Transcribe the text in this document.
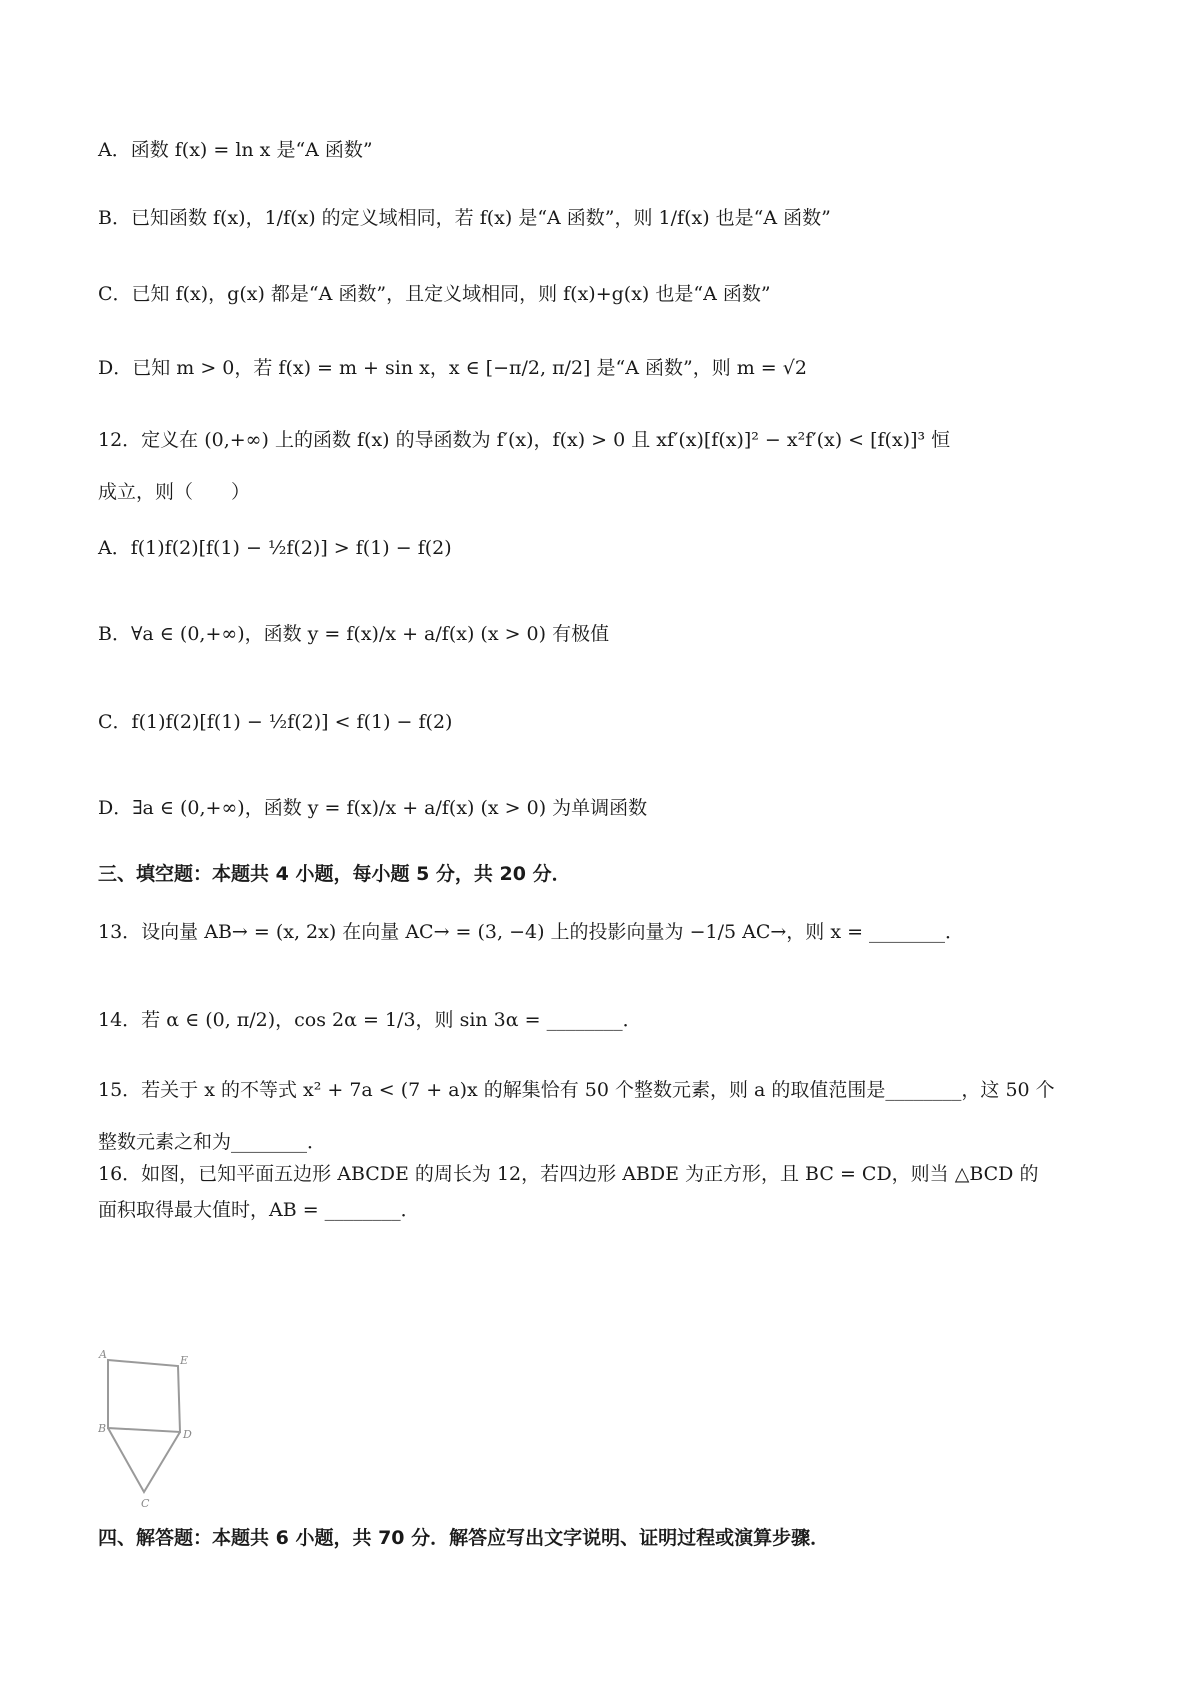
A．函数 f(x) = ln x 是“A 函数”
B．已知函数 f(x)，1/f(x) 的定义域相同，若 f(x) 是“A 函数”，则 1/f(x) 也是“A 函数”
C．已知 f(x)，g(x) 都是“A 函数”，且定义域相同，则 f(x)+g(x) 也是“A 函数”
D．已知 m > 0，若 f(x) = m + sin x，x ∈ [−π/2, π/2] 是“A 函数”，则 m = √2
12．定义在 (0,+∞) 上的函数 f(x) 的导函数为 f′(x)，f(x) > 0 且 xf′(x)[f(x)]² − x²f′(x) < [f(x)]³ 恒
成立，则（　　）
A．f(1)f(2)[f(1) − ½f(2)] > f(1) − f(2)
B．∀a ∈ (0,+∞)，函数 y = f(x)/x + a/f(x) (x > 0) 有极值
C．f(1)f(2)[f(1) − ½f(2)] < f(1) − f(2)
D．∃a ∈ (0,+∞)，函数 y = f(x)/x + a/f(x) (x > 0) 为单调函数
三、填空题：本题共 4 小题，每小题 5 分，共 20 分．
13．设向量 AB→ = (x, 2x) 在向量 AC→ = (3, −4) 上的投影向量为 −1/5 AC→，则 x = ________．
14．若 α ∈ (0, π/2)，cos 2α = 1/3，则 sin 3α = ________．
15．若关于 x 的不等式 x² + 7a < (7 + a)x 的解集恰有 50 个整数元素，则 a 的取值范围是________，这 50 个
整数元素之和为________．
16．如图，已知平面五边形 ABCDE 的周长为 12，若四边形 ABDE 为正方形，且 BC = CD，则当 △BCD 的
面积取得最大值时，AB = ________．
A	E
B	D
C
四、解答题：本题共 6 小题，共 70 分．解答应写出文字说明、证明过程或演算步骤．
